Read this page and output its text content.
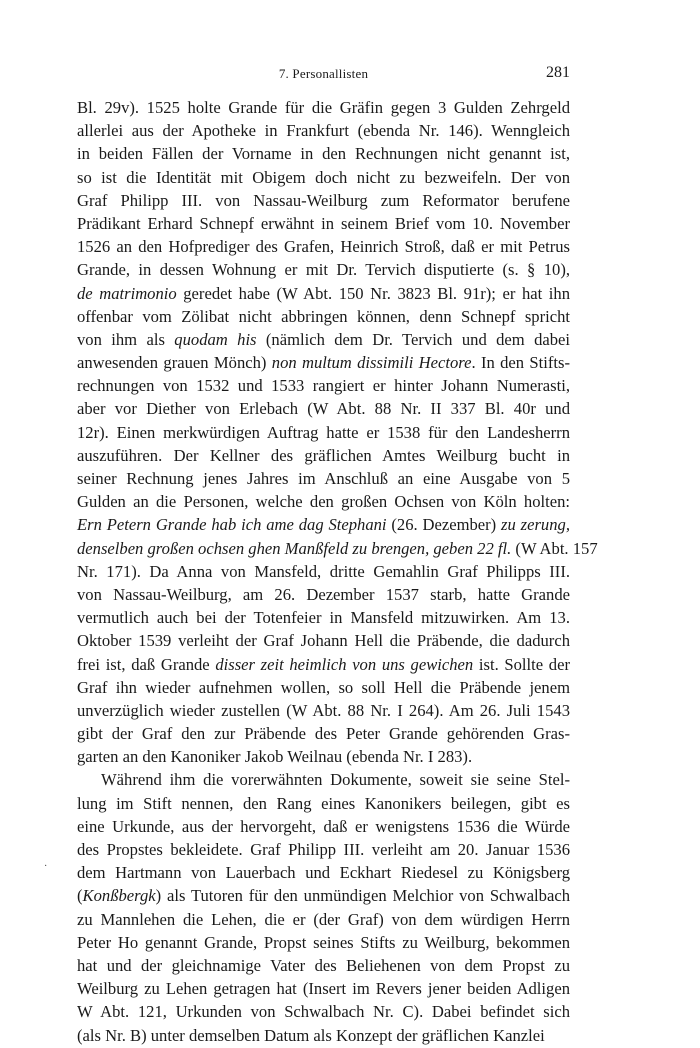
7. Personallisten	281
·
Bl. 29v). 1525 holte Grande für die Gräfin gegen 3 Gulden Zehrgeld
allerlei aus der Apotheke in Frankfurt (ebenda Nr. 146). Wenngleich
in beiden Fällen der Vorname in den Rechnungen nicht genannt ist,
so ist die Identität mit Obigem doch nicht zu bezweifeln. Der von
Graf Philipp III. von Nassau-Weilburg zum Reformator berufene
Prädikant Erhard Schnepf erwähnt in seinem Brief vom 10. November
1526 an den Hofprediger des Grafen, Heinrich Stroß, daß er mit Petrus
Grande, in dessen Wohnung er mit Dr. Tervich disputierte (s. § 10),
de matrimonio geredet habe (W Abt. 150 Nr. 3823 Bl. 91r); er hat ihn
offenbar vom Zölibat nicht abbringen können, denn Schnepf spricht
von ihm als quodam his (nämlich dem Dr. Tervich und dem dabei
anwesenden grauen Mönch) non multum dissimili Hectore. In den Stifts-
rechnungen von 1532 und 1533 rangiert er hinter Johann Numerasti,
aber vor Diether von Erlebach (W Abt. 88 Nr. II 337 Bl. 40r und
12r). Einen merkwürdigen Auftrag hatte er 1538 für den Landesherrn
auszuführen. Der Kellner des gräflichen Amtes Weilburg bucht in
seiner Rechnung jenes Jahres im Anschluß an eine Ausgabe von 5
Gulden an die Personen, welche den großen Ochsen von Köln holten:
Ern Petern Grande hab ich ame dag Stephani (26. Dezember) zu zerung,
denselben großen ochsen ghen Manßfeld zu brengen, geben 22 fl. (W Abt. 157
Nr. 171). Da Anna von Mansfeld, dritte Gemahlin Graf Philipps III.
von Nassau-Weilburg, am 26. Dezember 1537 starb, hatte Grande
vermutlich auch bei der Totenfeier in Mansfeld mitzuwirken. Am 13.
Oktober 1539 verleiht der Graf Johann Hell die Präbende, die dadurch
frei ist, daß Grande disser zeit heimlich von uns gewichen ist. Sollte der
Graf ihn wieder aufnehmen wollen, so soll Hell die Präbende jenem
unverzüglich wieder zustellen (W Abt. 88 Nr. I 264). Am 26. Juli 1543
gibt der Graf den zur Präbende des Peter Grande gehörenden Gras-
garten an den Kanoniker Jakob Weilnau (ebenda Nr. I 283).
Während ihm die vorerwähnten Dokumente, soweit sie seine Stel-
lung im Stift nennen, den Rang eines Kanonikers beilegen, gibt es
eine Urkunde, aus der hervorgeht, daß er wenigstens 1536 die Würde
des Propstes bekleidete. Graf Philipp III. verleiht am 20. Januar 1536
dem Hartmann von Lauerbach und Eckhart Riedesel zu Königsberg
(Konßbergk) als Tutoren für den unmündigen Melchior von Schwalbach
zu Mannlehen die Lehen, die er (der Graf) von dem würdigen Herrn
Peter Ho genannt Grande, Propst seines Stifts zu Weilburg, bekommen
hat und der gleichnamige Vater des Beliehenen von dem Propst zu
Weilburg zu Lehen getragen hat (Insert im Revers jener beiden Adligen
W Abt. 121, Urkunden von Schwalbach Nr. C). Dabei befindet sich
(als Nr. B) unter demselben Datum als Konzept der gräflichen Kanzlei
